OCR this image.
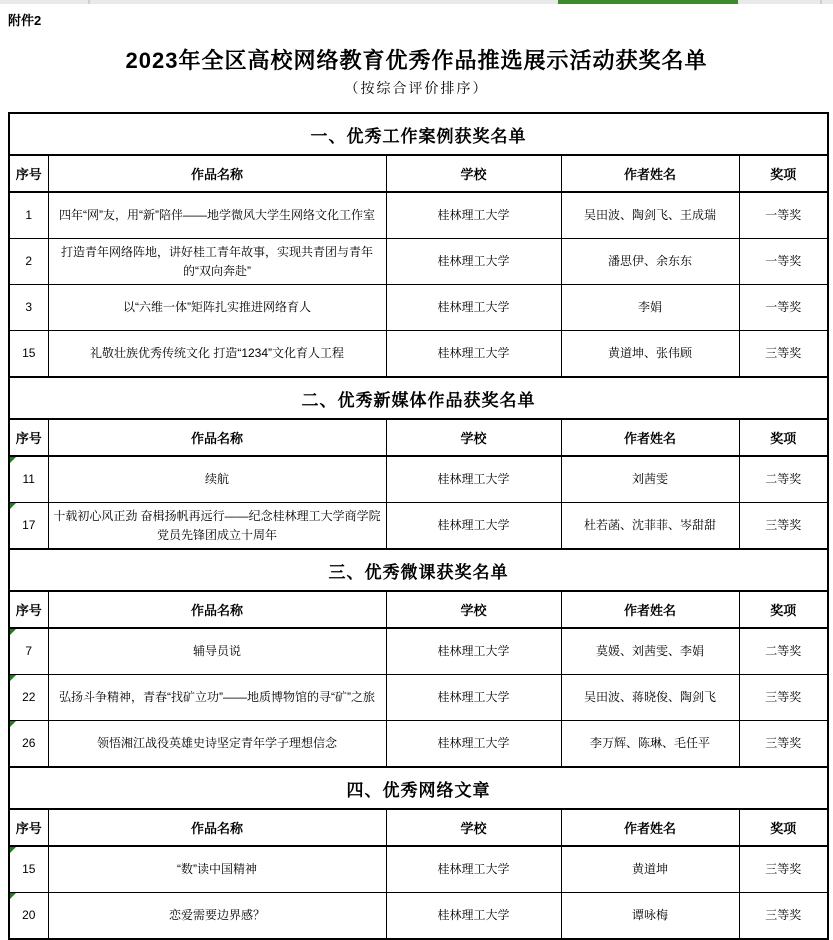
附件2
2023年全区高校网络教育优秀作品推选展示活动获奖名单
（按综合评价排序）
一、优秀工作案例获奖名单				
序号	作品名称	学校	作者姓名	奖项
1	四年“网”友，用“新”陪伴——地学微风大学生网络文化工作室	桂林理工大学	吴田波、陶剑飞、王成瑞	一等奖
2	打造青年网络阵地，讲好桂工青年故事，实现共青团与青年的“双向奔赴”	桂林理工大学	潘思伊、余东东	一等奖
3	以“六维一体”矩阵扎实推进网络育人	桂林理工大学	李娟	一等奖
15	礼敬壮族优秀传统文化 打造“1234”文化育人工程	桂林理工大学	黄道坤、张伟顾	三等奖
二、优秀新媒体作品获奖名单				
序号	作品名称	学校	作者姓名	奖项
11	续航	桂林理工大学	刘茜雯	二等奖
17	十载初心风正劲 奋楫扬帆再远行——纪念桂林理工大学商学院党员先锋团成立十周年	桂林理工大学	杜若菡、沈菲菲、岑甜甜	三等奖
三、优秀微课获奖名单				
序号	作品名称	学校	作者姓名	奖项
7	辅导员说	桂林理工大学	莫媛、刘茜雯、李娟	二等奖
22	弘扬斗争精神，青春“找矿立功”——地质博物馆的寻“矿”之旅	桂林理工大学	吴田波、蒋晓俊、陶剑飞	三等奖
26	领悟湘江战役英雄史诗坚定青年学子理想信念	桂林理工大学	李万辉、陈琳、毛任平	三等奖
四、优秀网络文章				
序号	作品名称	学校	作者姓名	奖项
15	“数”读中国精神	桂林理工大学	黄道坤	三等奖
20	恋爱需要边界感？	桂林理工大学	谭咏梅	三等奖
